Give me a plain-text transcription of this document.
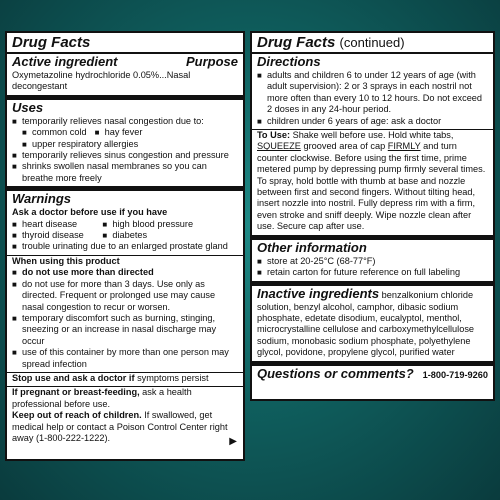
Drug Facts
Active ingredient	Purpose
Oxymetazoline hydrochloride 0.05%...Nasal decongestant
Uses
■ temporarily relieves nasal congestion due to:
■ common cold	■ hay fever
■ upper respiratory allergies
■ temporarily relieves sinus congestion and pressure
■ shrinks swollen nasal membranes so you can breathe more freely
Warnings
Ask a doctor before use if you have
■ heart disease	■ high blood pressure
■ thyroid disease	■ diabetes
■ trouble urinating due to an enlarged prostate gland
When using this product
■ do not use more than directed
■ do not use for more than 3 days. Use only as directed. Frequent or prolonged use may cause nasal congestion to recur or worsen.
■ temporary discomfort such as burning, stinging, sneezing or an increase in nasal discharge may occur
■ use of this container by more than one person may spread infection
Stop use and ask a doctor if symptoms persist
If pregnant or breast-feeding, ask a health professional before use.
Keep out of reach of children. If swallowed, get medical help or contact a Poison Control Center right away (1-800-222-1222).	▶
Drug Facts (continued)
Directions
■ adults and children 6 to under 12 years of age (with adult supervision): 2 or 3 sprays in each nostril not more often than every 10 to 12 hours. Do not exceed 2 doses in any 24-hour period.
■ children under 6 years of age: ask a doctor
To Use: Shake well before use. Hold white tabs, SQUEEZE grooved area of cap FIRMLY and turn counter clockwise. Before using the first time, prime metered pump by depressing pump firmly several times. To spray, hold bottle with thumb at base and nozzle between first and second fingers. Without tilting head, insert nozzle into nostril. Fully depress rim with a firm, even stroke and sniff deeply. Wipe nozzle clean after use. Secure cap after use.
Other information
■ store at 20-25°C (68-77°F)
■ retain carton for future reference on full labeling
Inactive ingredients benzalkonium chloride solution, benzyl alcohol, camphor, dibasic sodium phosphate, edetate disodium, eucalyptol, menthol, microcrystalline cellulose and carboxymethylcellulose sodium, monobasic sodium phosphate, polyethylene glycol, povidone, propylene glycol, purified water
Questions or comments? 1-800-719-9260
